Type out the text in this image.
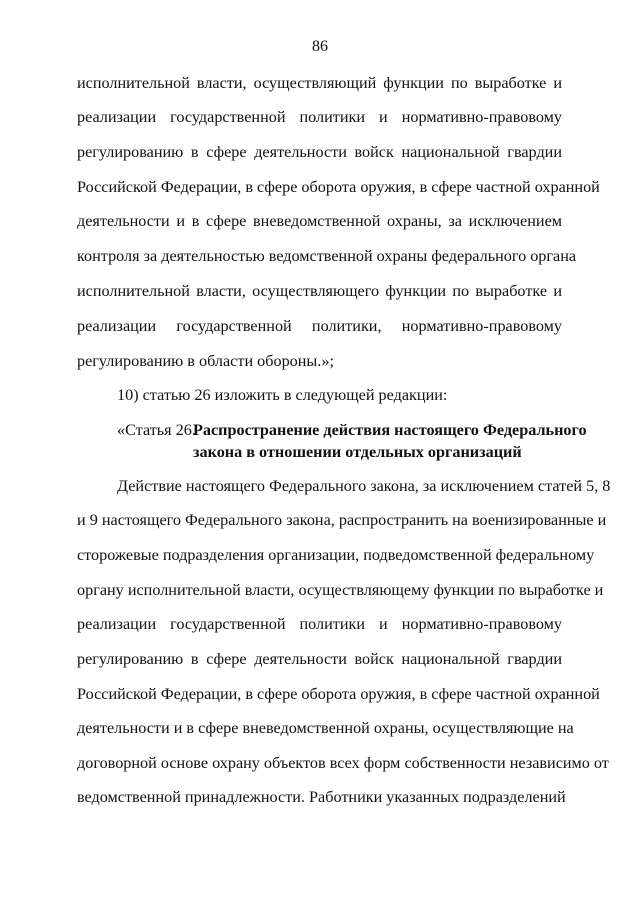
86
исполнительной власти, осуществляющий функции по выработке и
реализации государственной политики и нормативно-правовому
регулированию в сфере деятельности войск национальной гвардии
Российской Федерации, в сфере оборота оружия, в сфере частной охранной
деятельности и в сфере вневедомственной охраны, за исключением
контроля за деятельностью ведомственной охраны федерального органа
исполнительной власти, осуществляющего функции по выработке и
реализации государственной политики, нормативно-правовому
регулированию в области обороны.»;
10) статью 26 изложить в следующей редакции:
«Статья 26.Распространение действия настоящего Федерального
закона в отношении отдельных организаций
Действие настоящего Федерального закона, за исключением статей 5, 8
и 9 настоящего Федерального закона, распространить на военизированные и
сторожевые подразделения организации, подведомственной федеральному
органу исполнительной власти, осуществляющему функции по выработке и
реализации государственной политики и нормативно-правовому
регулированию в сфере деятельности войск национальной гвардии
Российской Федерации, в сфере оборота оружия, в сфере частной охранной
деятельности и в сфере вневедомственной охраны, осуществляющие на
договорной основе охрану объектов всех форм собственности независимо от
ведомственной принадлежности. Работники указанных подразделений
